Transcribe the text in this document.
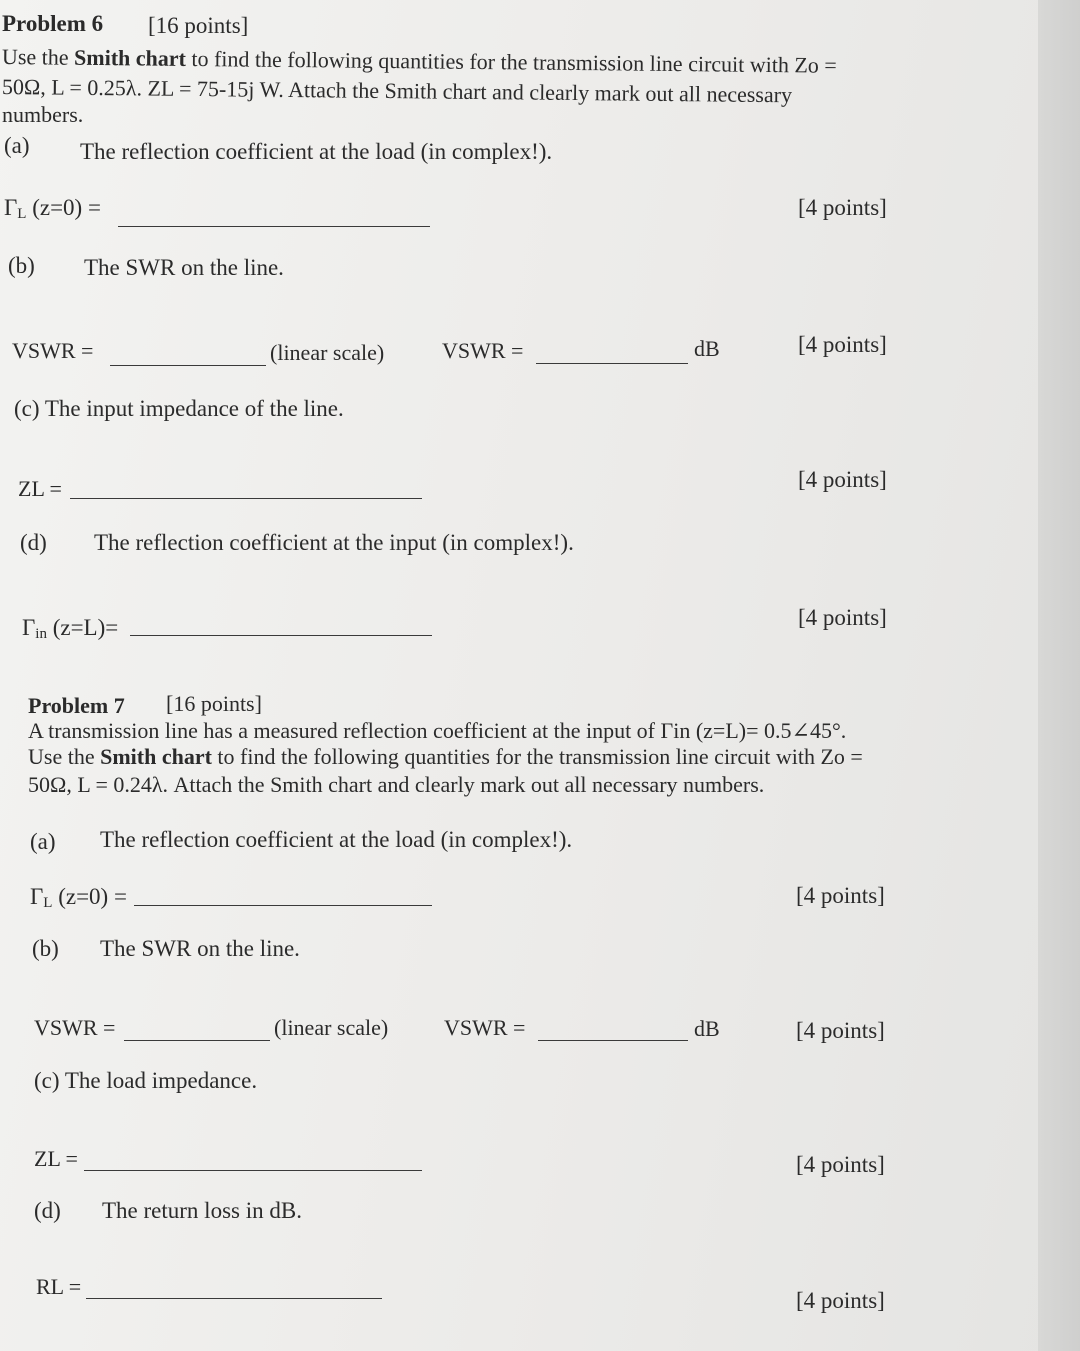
Problem 6 [16 points]
Use the Smith chart to find the following quantities for the transmission line circuit with Zo =
50Ω, L = 0.25λ. ZL = 75-15j W. Attach the Smith chart and clearly mark out all necessary
numbers.
(a) The reflection coefficient at the load (in complex!).
ΓL (z=0) =	[4 points]
(b) The SWR on the line.
VSWR =	(linear scale)	VSWR =	dB	[4 points]
(c) The input impedance of the line.
ZL =	[4 points]
(d) The reflection coefficient at the input (in complex!).
Γin (z=L)=	[4 points]
Problem 7 [16 points]
A transmission line has a measured reflection coefficient at the input of Γin (z=L)= 0.5∠45°.
Use the Smith chart to find the following quantities for the transmission line circuit with Zo =
50Ω, L = 0.24λ. Attach the Smith chart and clearly mark out all necessary numbers.
(a) The reflection coefficient at the load (in complex!).
ΓL (z=0) =	[4 points]
(b) The SWR on the line.
VSWR =	(linear scale)	VSWR =	dB	[4 points]
(c) The load impedance.
ZL =	[4 points]
(d) The return loss in dB.
RL =
[4 points]
